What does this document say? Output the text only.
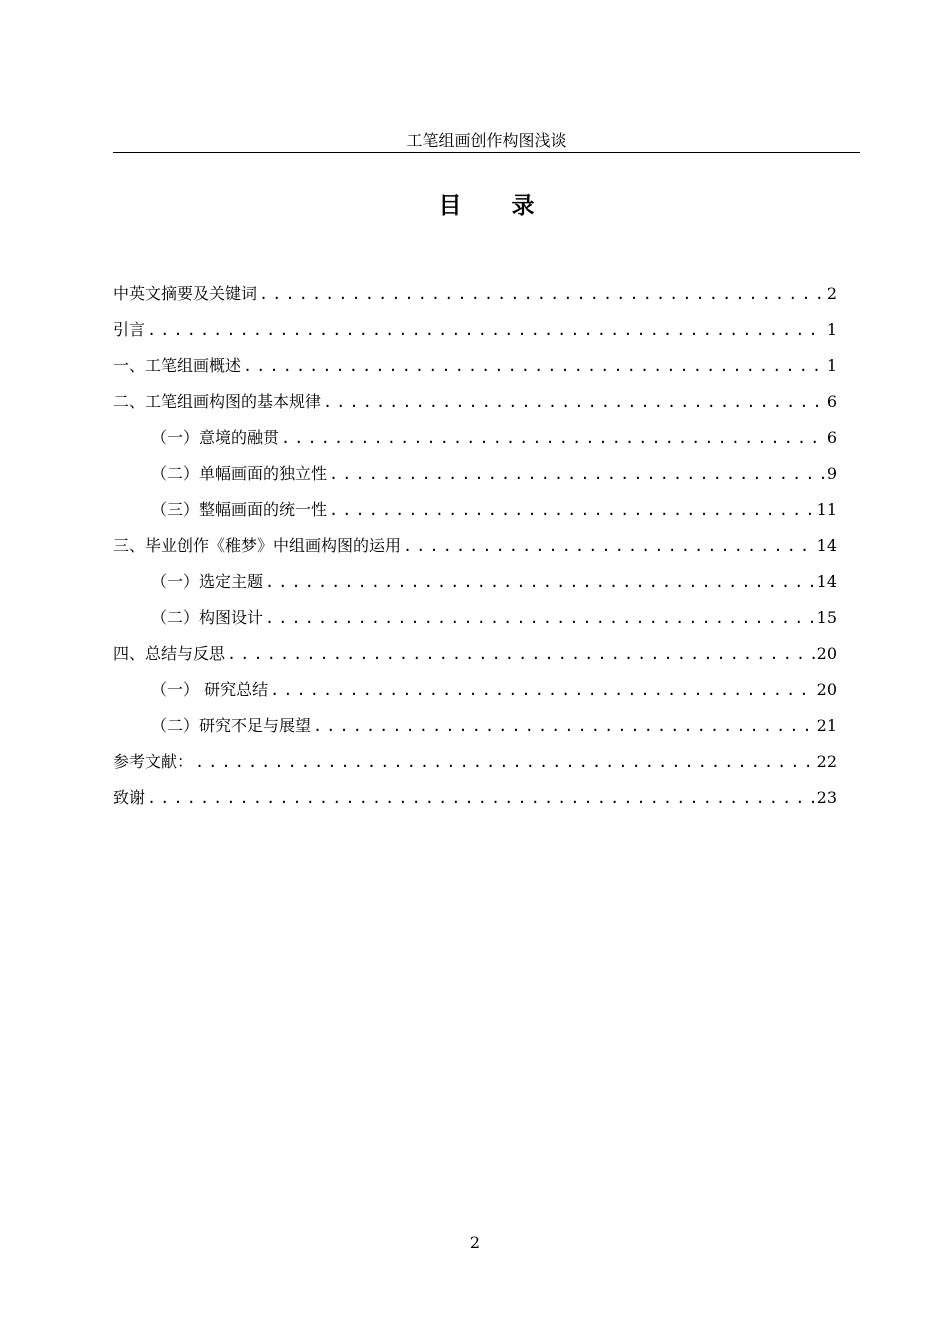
工笔组画创作构图浅谈
目录
中英文摘要及关键词 .....	2
引言 .....	1
一、工笔组画概述 .....	1
二、工笔组画构图的基本规律 .....	6
（一）意境的融贯 .....	6
（二）单幅画面的独立性 .....	9
（三）整幅画面的统一性 .....	11
三、毕业创作《稚梦》中组画构图的运用 .....	14
（一）选定主题 .....	14
（二）构图设计 .....	15
四、总结与反思 .....	20
（一） 研究总结 .....	20
（二）研究不足与展望 .....	21
参考文献： .....	22
致谢 .....	23
2
